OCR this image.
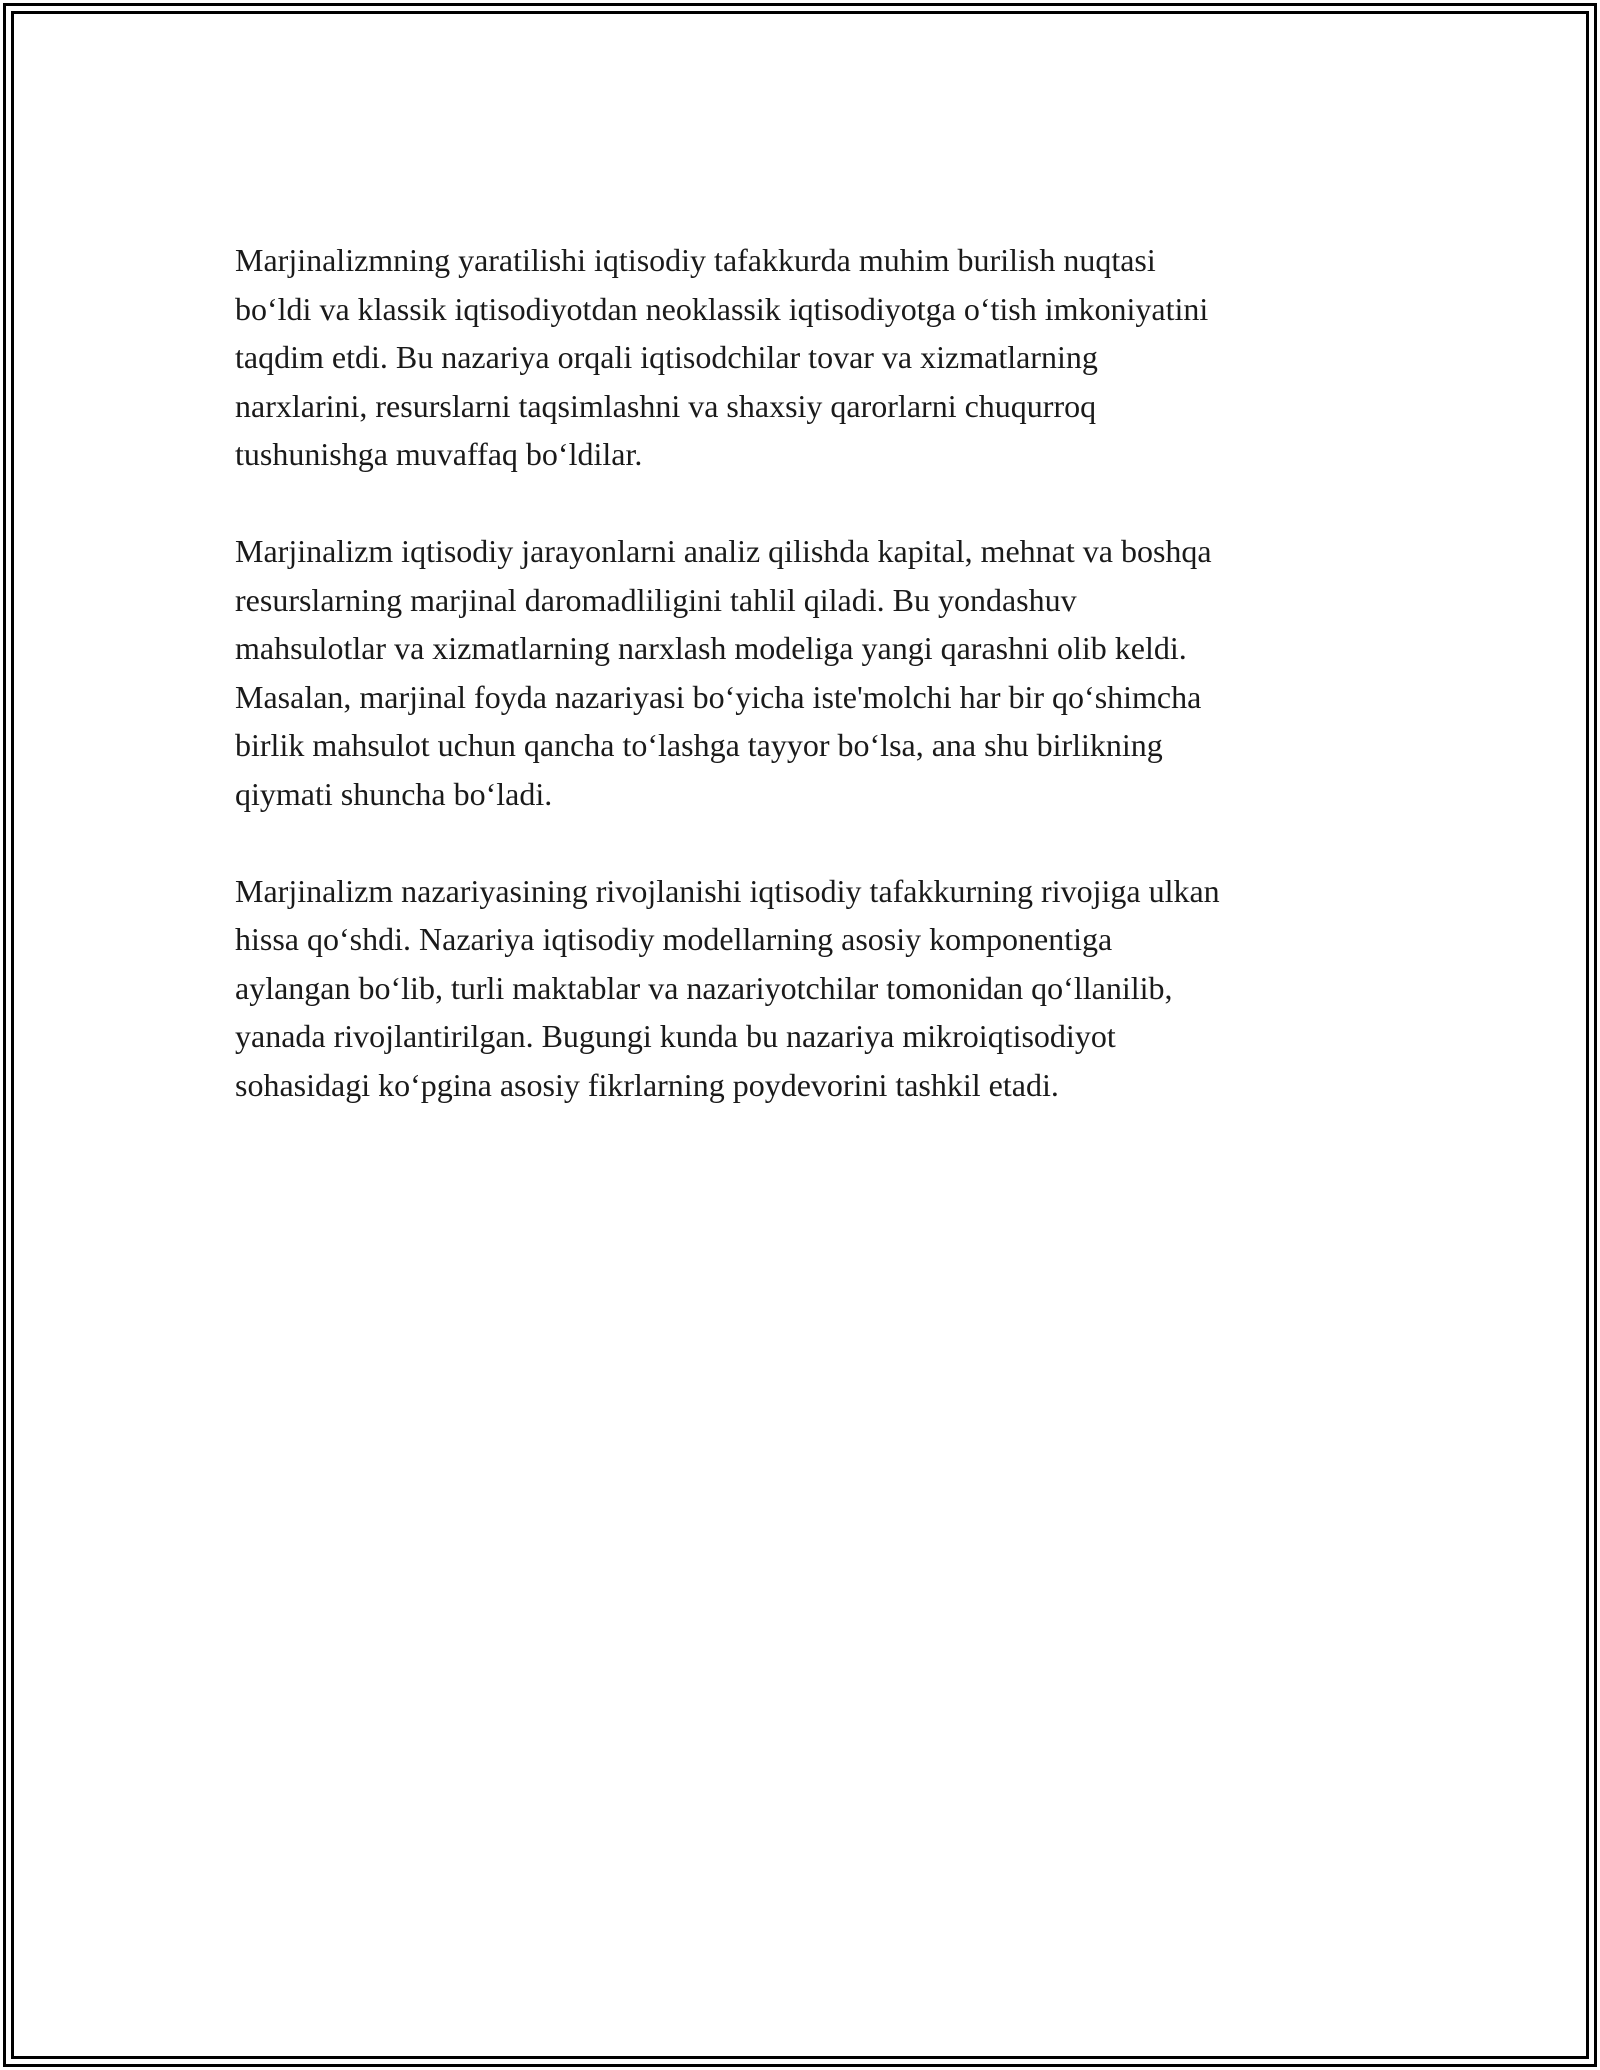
Marjinalizmning yaratilishi iqtisodiy tafakkurda muhim burilish nuqtasi
bo‘ldi va klassik iqtisodiyotdan neoklassik iqtisodiyotga o‘tish imkoniyatini
taqdim etdi. Bu nazariya orqali iqtisodchilar tovar va xizmatlarning
narxlarini, resurslarni taqsimlashni va shaxsiy qarorlarni chuqurroq
tushunishga muvaffaq bo‘ldilar.

Marjinalizm iqtisodiy jarayonlarni analiz qilishda kapital, mehnat va boshqa
resurslarning marjinal daromadliligini tahlil qiladi. Bu yondashuv
mahsulotlar va xizmatlarning narxlash modeliga yangi qarashni olib keldi.
Masalan, marjinal foyda nazariyasi bo‘yicha iste'molchi har bir qo‘shimcha
birlik mahsulot uchun qancha to‘lashga tayyor bo‘lsa, ana shu birlikning
qiymati shuncha bo‘ladi.

Marjinalizm nazariyasining rivojlanishi iqtisodiy tafakkurning rivojiga ulkan
hissa qo‘shdi. Nazariya iqtisodiy modellarning asosiy komponentiga
aylangan bo‘lib, turli maktablar va nazariyotchilar tomonidan qo‘llanilib,
yanada rivojlantirilgan. Bugungi kunda bu nazariya mikroiqtisodiyot
sohasidagi ko‘pgina asosiy fikrlarning poydevorini tashkil etadi.
